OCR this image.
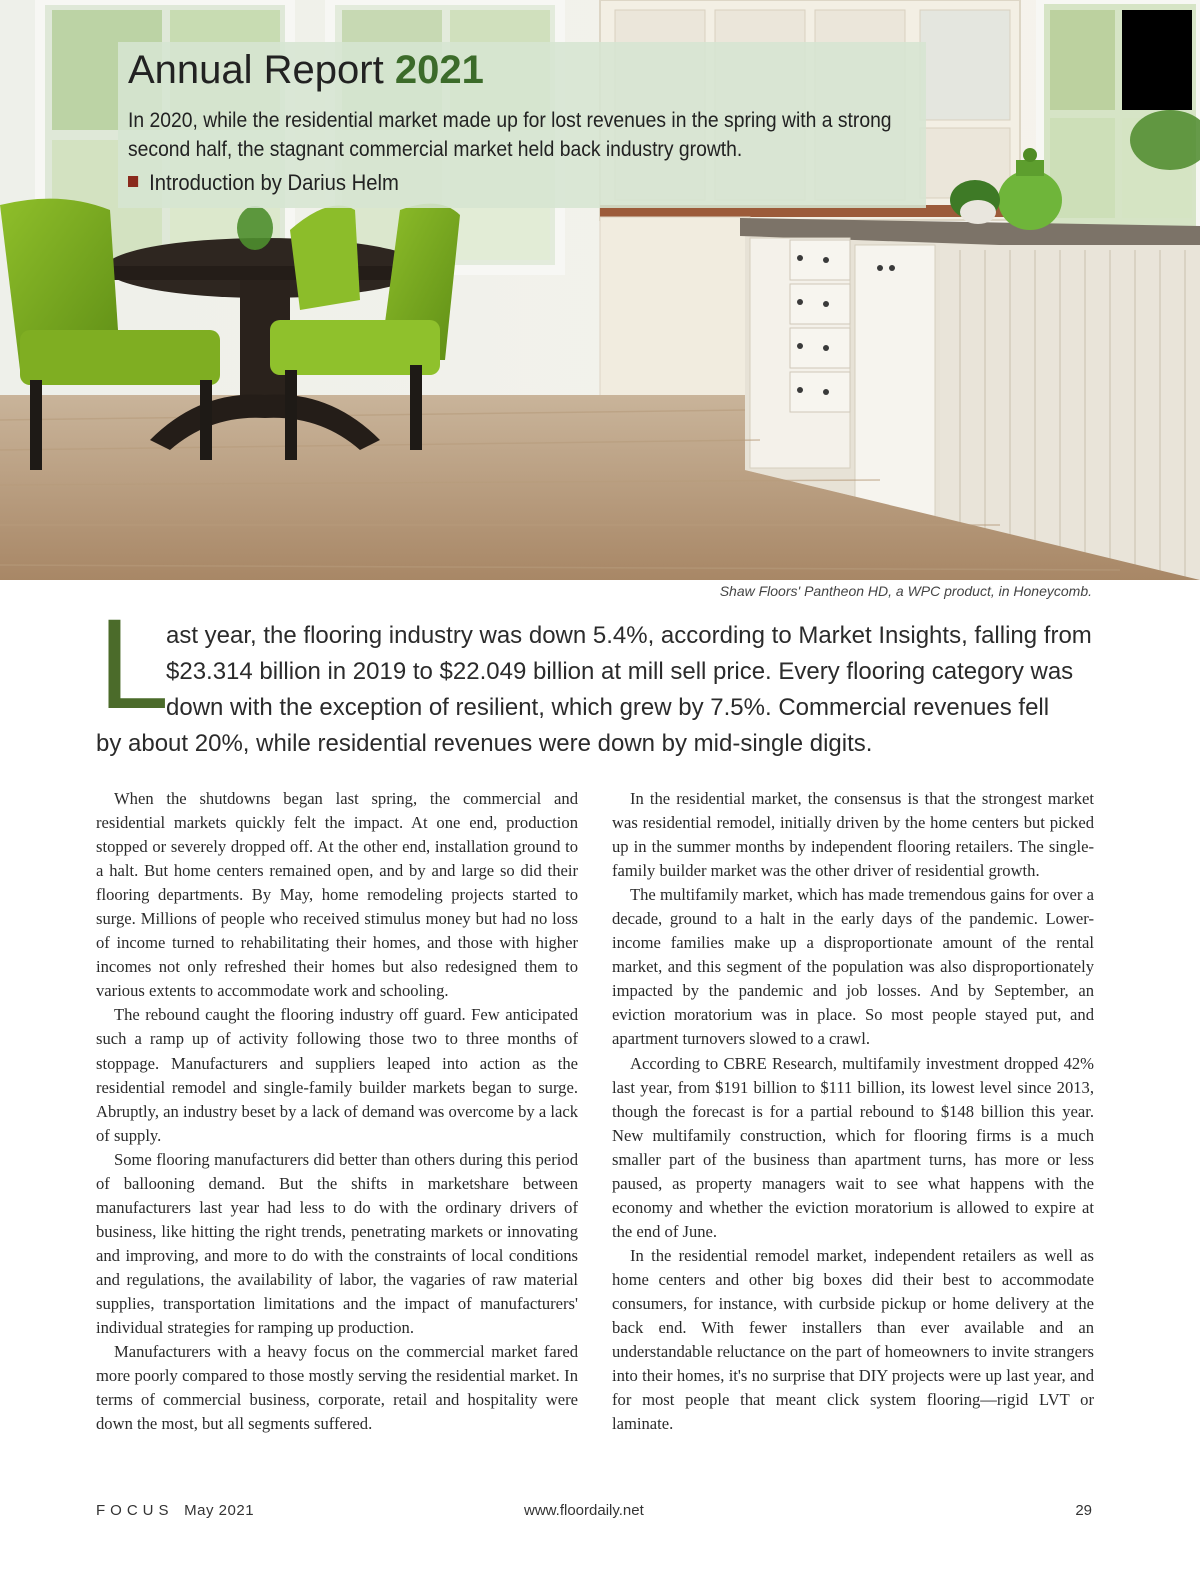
Annual Report 2021

In 2020, while the residential market made up for lost revenues in the spring with a strong second half, the stagnant commercial market held back industry growth.

Introduction by Darius Helm

Shaw Floors' Pantheon HD, a WPC product, in Honeycomb.
L
ast year, the flooring industry was down 5.4%, according to Market Insights, falling from
$23.314 billion in 2019 to $22.049 billion at mill sell price. Every flooring category was
down with the exception of resilient, which grew by 7.5%. Commercial revenues fell
by about 20%, while residential revenues were down by mid-single digits.

When the shutdowns began last spring, the commercial and residential markets quickly felt the impact. At one end, production stopped or severely dropped off. At the other end, installation ground to a halt. But home centers remained open, and by and large so did their flooring departments. By May, home remodeling projects started to surge. Millions of people who received stimulus money but had no loss of income turned to rehabilitating their homes, and those with higher incomes not only refreshed their homes but also redesigned them to various extents to accommodate work and schooling.

The rebound caught the flooring industry off guard. Few anticipated such a ramp up of activity following those two to three months of stoppage. Manufacturers and suppliers leaped into action as the residential remodel and single-family builder markets began to surge. Abruptly, an industry beset by a lack of demand was overcome by a lack of supply.

Some flooring manufacturers did better than others during this period of ballooning demand. But the shifts in marketshare between manufacturers last year had less to do with the ordinary drivers of business, like hitting the right trends, penetrating markets or innovating and improving, and more to do with the constraints of local conditions and regulations, the availability of labor, the vagaries of raw material supplies, transportation limitations and the impact of manufacturers' individual strategies for ramping up production.

Manufacturers with a heavy focus on the commercial market fared more poorly compared to those mostly serving the residential market. In terms of commercial business, corporate, retail and hospitality were down the most, but all segments suffered.

In the residential market, the consensus is that the strongest market was residential remodel, initially driven by the home centers but picked up in the summer months by independent flooring retailers. The single-family builder market was the other driver of residential growth.

The multifamily market, which has made tremendous gains for over a decade, ground to a halt in the early days of the pandemic. Lower-income families make up a disproportionate amount of the rental market, and this segment of the population was also disproportionately impacted by the pandemic and job losses. And by September, an eviction moratorium was in place. So most people stayed put, and apartment turnovers slowed to a crawl.

According to CBRE Research, multifamily investment dropped 42% last year, from $191 billion to $111 billion, its lowest level since 2013, though the forecast is for a partial rebound to $148 billion this year. New multifamily construction, which for flooring firms is a much smaller part of the business than apartment turns, has more or less paused, as property managers wait to see what happens with the economy and whether the eviction moratorium is allowed to expire at the end of June.

In the residential remodel market, independent retailers as well as home centers and other big boxes did their best to accommodate consumers, for instance, with curbside pickup or home delivery at the back end. With fewer installers than ever available and an understandable reluctance on the part of homeowners to invite strangers into their homes, it's no surprise that DIY projects were up last year, and for most people that meant click system flooring—rigid LVT or laminate.

FOCUS May 2021	www.floordaily.net	29
